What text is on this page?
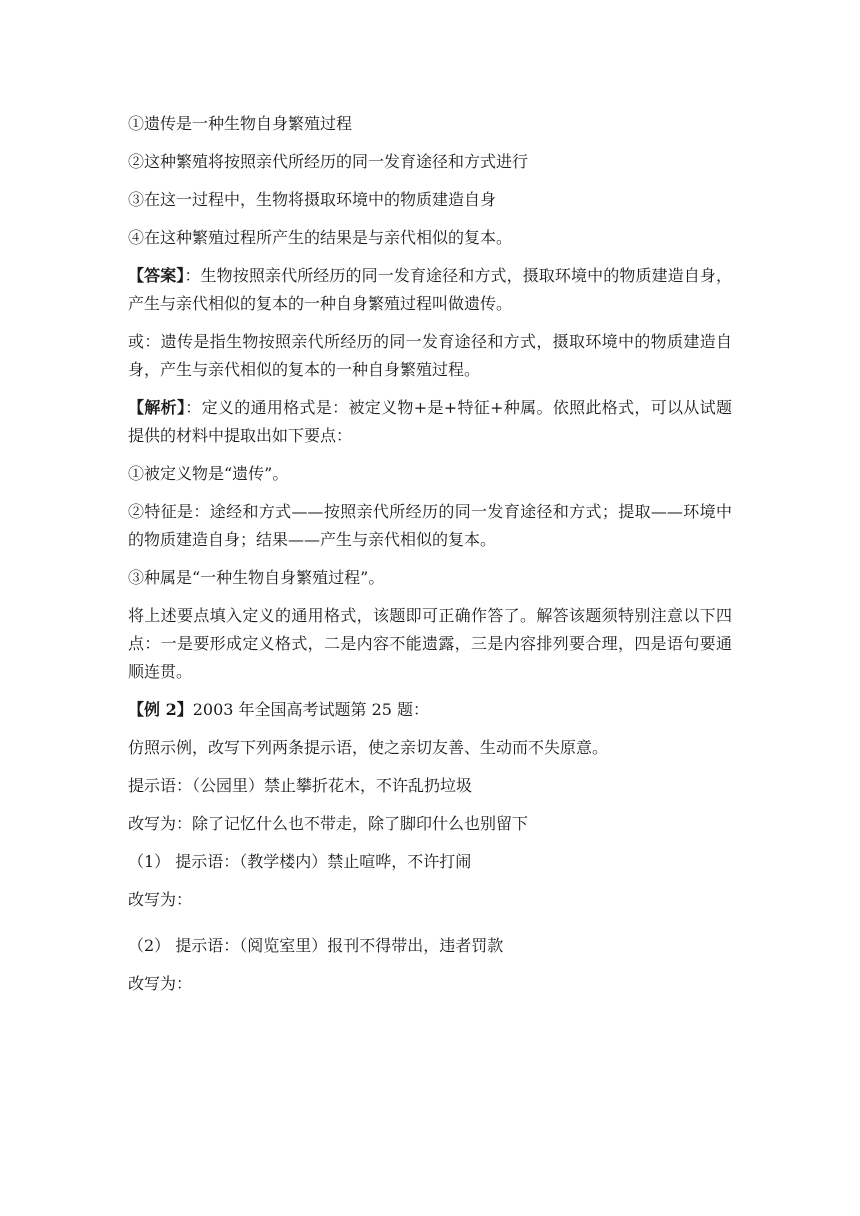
①遗传是一种生物自身繁殖过程

②这种繁殖将按照亲代所经历的同一发育途径和方式进行

③在这一过程中，生物将摄取环境中的物质建造自身

④在这种繁殖过程所产生的结果是与亲代相似的复本。

【答案】：生物按照亲代所经历的同一发育途径和方式，摄取环境中的物质建造自身，产生与亲代相似的复本的一种自身繁殖过程叫做遗传。

或：遗传是指生物按照亲代所经历的同一发育途径和方式，摄取环境中的物质建造自身，产生与亲代相似的复本的一种自身繁殖过程。

【解析】：定义的通用格式是：被定义物+是+特征+种属。依照此格式，可以从试题提供的材料中提取出如下要点：

①被定义物是“遗传”。

②特征是：途经和方式——按照亲代所经历的同一发育途径和方式；提取——环境中的物质建造自身；结果——产生与亲代相似的复本。

③种属是“一种生物自身繁殖过程”。

将上述要点填入定义的通用格式，该题即可正确作答了。解答该题须特别注意以下四点：一是要形成定义格式，二是内容不能遗露，三是内容排列要合理，四是语句要通顺连贯。

【例 2】2003 年全国高考试题第 25 题：

仿照示例，改写下列两条提示语，使之亲切友善、生动而不失原意。

提示语：（公园里）禁止攀折花木，不许乱扔垃圾

改写为：除了记忆什么也不带走，除了脚印什么也别留下

（1） 提示语：（教学楼内）禁止喧哗，不许打闹

改写为：

（2） 提示语：（阅览室里）报刊不得带出，违者罚款

改写为：
